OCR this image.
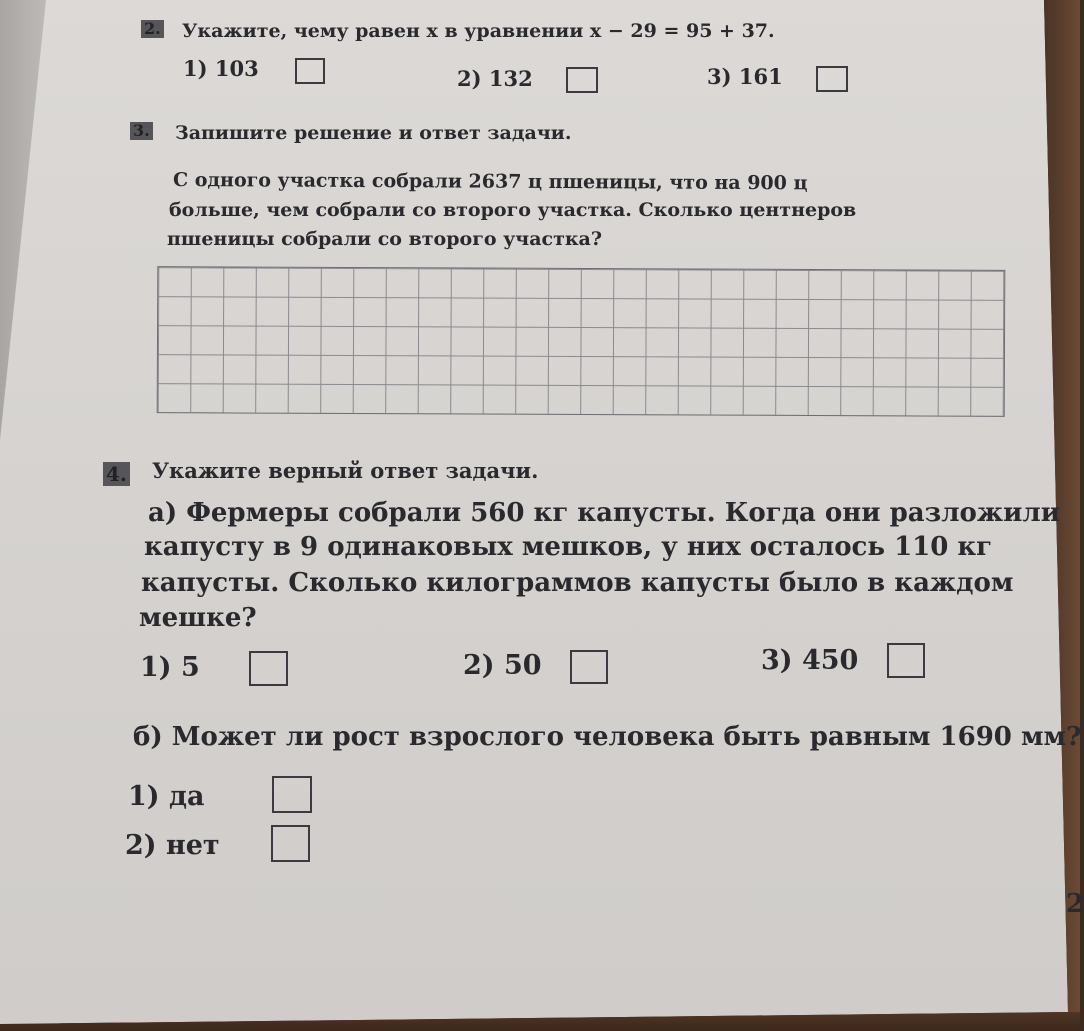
2. Укажите, чему равен x в уравнении x − 29 = 95 + 37.
1) 103	2) 132	3) 161
3. Запишите решение и ответ задачи.
С одного участка собрали 2637 ц пшеницы, что на 900 ц
больше, чем собрали со второго участка. Сколько центнеров
пшеницы собрали со второго участка?
4. Укажите верный ответ задачи.
а) Фермеры собрали 560 кг капусты. Когда они разложили
капусту в 9 одинаковых мешков, у них осталось 110 кг
капусты. Сколько килограммов капусты было в каждом
мешке?
1) 5	2) 50	3) 450
б) Может ли рост взрослого человека быть равным 1690 мм?
1) да
2) нет
2
